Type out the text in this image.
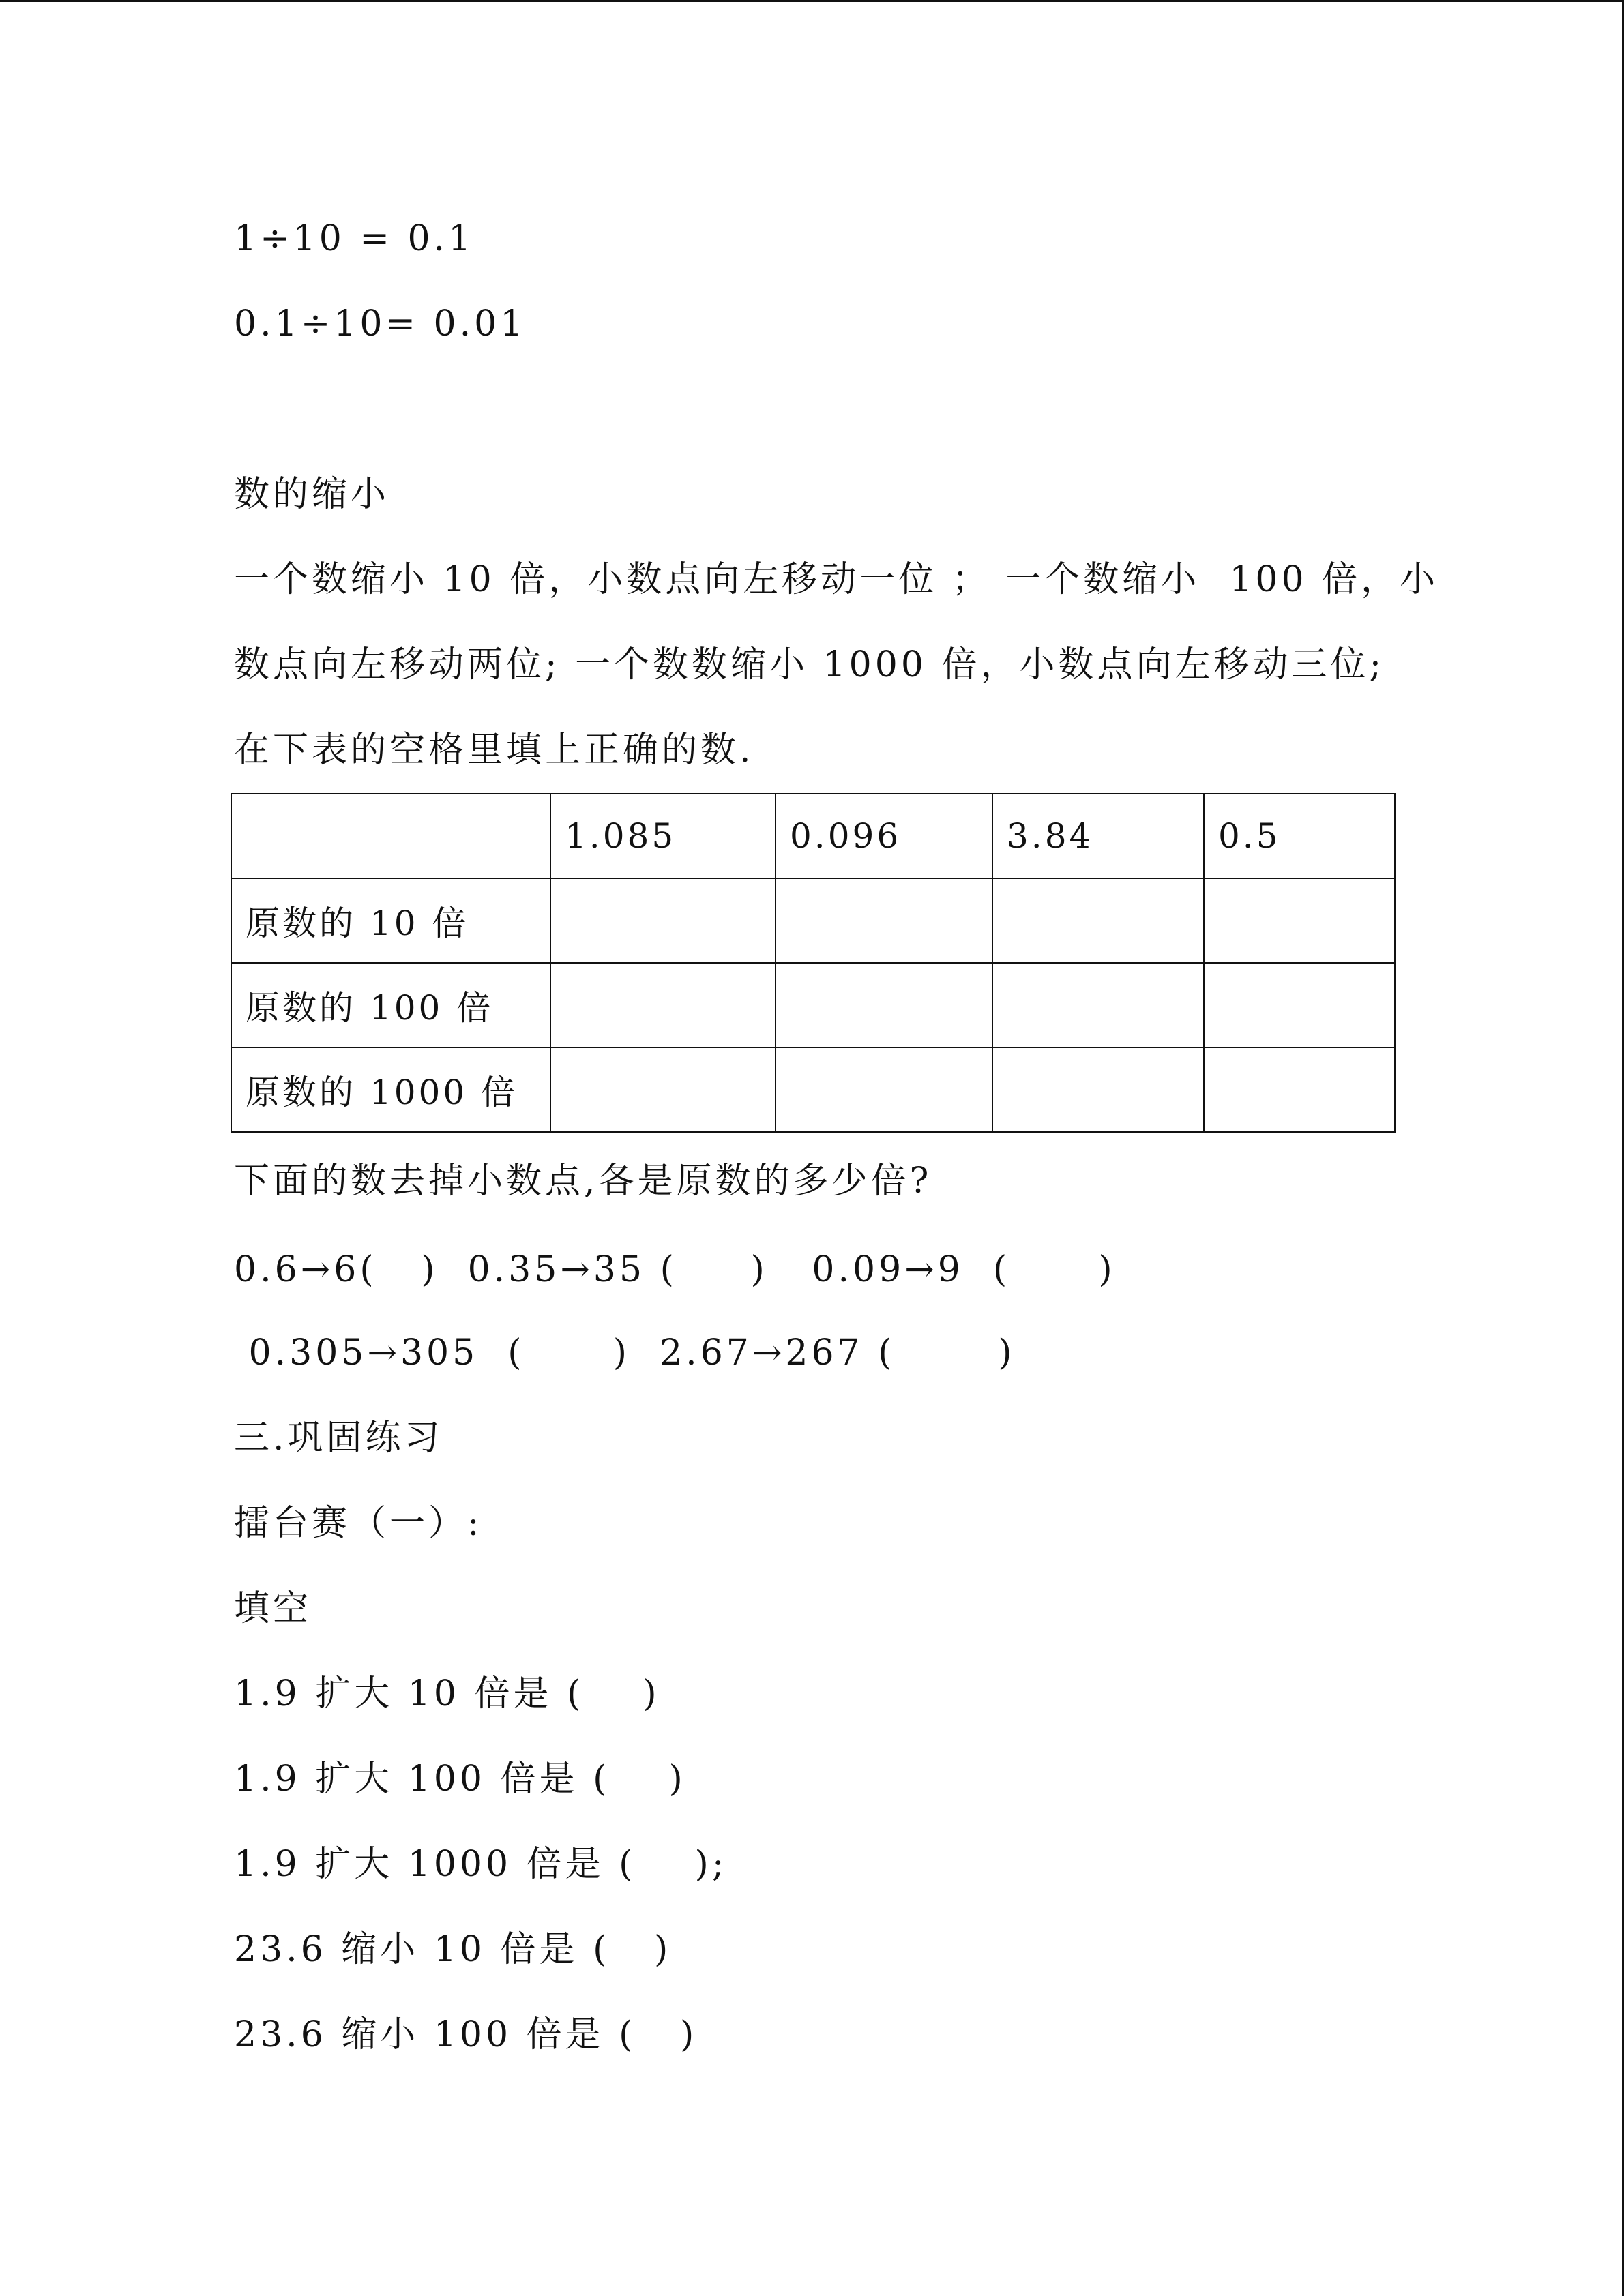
1÷10 = 0.1
0.1÷10= 0.01
数的缩小
一个数缩小 10 倍，小数点向左移动一位 ； 一个数缩小  100 倍，小
数点向左移动两位; 一个数数缩小 1000 倍，小数点向左移动三位;
在下表的空格里填上正确的数.
	1.085	0.096	3.84	0.5
原数的 10 倍				
原数的 100 倍				
原数的 1000 倍				
下面的数去掉小数点,各是原数的多少倍?
0.6→6(   )  0.35→35 (     )   0.09→9  (      )
0.305→305  (      )  2.67→267 (       )
三.巩固练习
擂台赛（一）:
填空
1.9 扩大 10 倍是 (    )
1.9 扩大 100 倍是 (    )
1.9 扩大 1000 倍是 (    );
23.6 缩小 10 倍是 (   )
23.6 缩小 100 倍是 (   )
